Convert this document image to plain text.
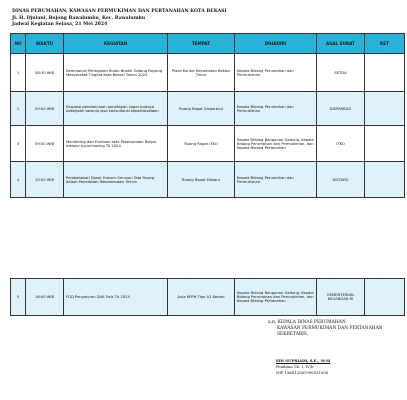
DINAS PERUMAHAN, KAWASAN PERMUKIMAN DAN PERTANAHAN KOTA BEKASI
Jl. H. Djuiani, Bojong Rawalumbu, Kec. Rawalumbu
Jadwal Kegiatan Selasa, 21 Mei 2024
NO	WAKTU	KEGIATAN	TEMPAT	DIHADIRI	ASAL SURAT	KET
1	08:30 WIB	Seremonial Peringatan Bulan Bhakti Gotong Royong Masyarakat Tingkat Kota Bekasi Tahun 2024	Plaza Kantor Kecamatan Bekasi Timur	Kepala Bidang Perumahan dan Permukiman	SETDA	
2	09:00 WIB	Ekspose pendahuluan penetapan cagar budaya pekerjaan belanja jasa konsultansi kepariwisataan	Ruang Rapat Disparbud	Kepala Bidang Perumahan dan Permukiman	DISPARBUD	
3	09:00 WIB	Monitoring dan Evaluasi atas Pelaksanaan Barjas melalui e-purchasing TA 2024	Ruang Rapat ITKO	Kepala Bidang Bangunan Gedung, Kepala Bidang Perumahan dan Permukiman, dan Kepala Bidang Pertanahan	ITKO	
4	10:00 WIB	Pembahasan Dasar Hukum Gerusan Tata Ruang dalam Penerbitan Rekomendasi Teknis	Ruang Rapat Distaru	Kepala Bidang Perumahan dan Permukiman	DISTARU	
5	16:00 WIB	FGD Penyaluran DAK Fisik TA 2024	Aula KPPN Tipe A1 Bekasi	Kepala Bidang Bangunan Gedung, Kepala Bidang Perumahan dan Permukiman, dan Kepala Bidang Pertanahan	KEMENTERIAN KEUANGAN RI	
a.n. KEPALA DINAS PERUMAHAN,
KAWASAN PERMUKIMAN DAN PERTANAHAN
SEKRETARIS,
EDI SUPRIADI, S.E., M.Si
Pembina TK. I, IV/b
NIP 196812061990031006
